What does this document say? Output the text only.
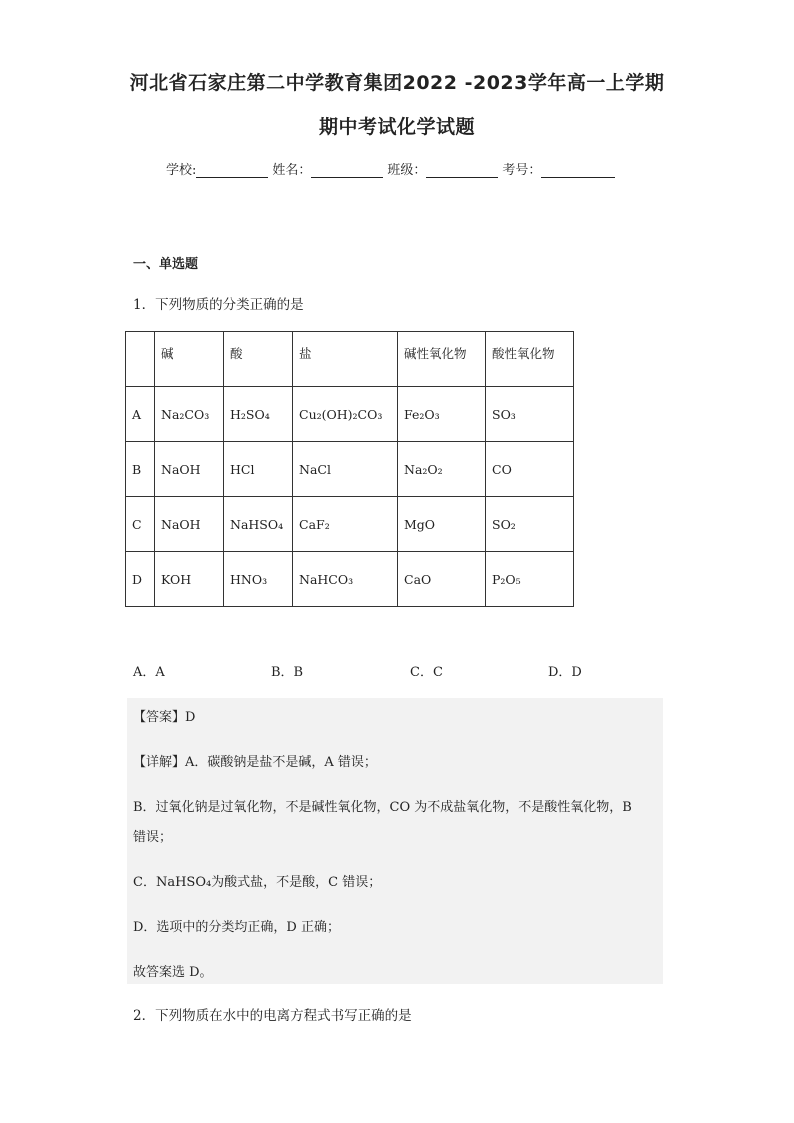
河北省石家庄第二中学教育集团2022 -2023学年高一上学期
期中考试化学试题
学校:	姓名：	班级：	考号：
一、单选题
1．下列物质的分类正确的是
	碱	酸	盐	碱性氧化物	酸性氧化物
A	Na₂CO₃	H₂SO₄	Cu₂(OH)₂CO₃	Fe₂O₃	SO₃
B	NaOH	HCl	NaCl	Na₂O₂	CO
C	NaOH	NaHSO₄	CaF₂	MgO	SO₂
D	KOH	HNO₃	NaHCO₃	CaO	P₂O₅
A．A	B．B	C．C	D．D
【答案】D
【详解】A．碳酸钠是盐不是碱，A 错误；
B．过氧化钠是过氧化物，不是碱性氧化物，CO 为不成盐氧化物，不是酸性氧化物，B
错误；
C．NaHSO₄为酸式盐，不是酸，C 错误；
D．选项中的分类均正确，D 正确；
故答案选 D。
2．下列物质在水中的电离方程式书写正确的是
